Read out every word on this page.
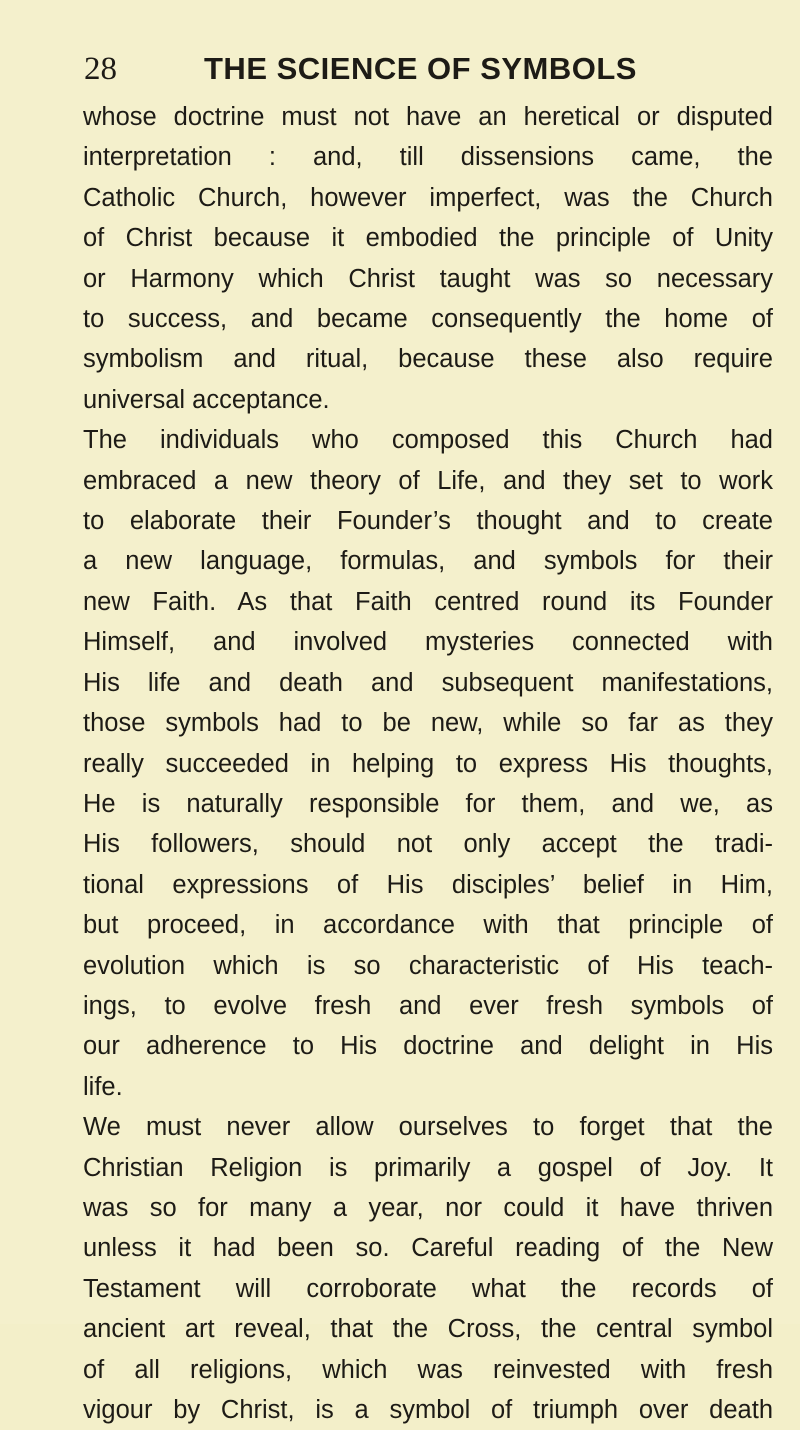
28	THE SCIENCE OF SYMBOLS
whose doctrine must not have an heretical or disputed
interpretation : and, till dissensions came, the
Catholic Church, however imperfect, was the Church
of Christ because it embodied the principle of Unity
or Harmony which Christ taught was so necessary
to success, and became consequently the home of
symbolism and ritual, because these also require
universal acceptance.
The individuals who composed this Church had
embraced a new theory of Life, and they set to work
to elaborate their Founder’s thought and to create
a new language, formulas, and symbols for their
new Faith. As that Faith centred round its Founder
Himself, and involved mysteries connected with
His life and death and subsequent manifestations,
those symbols had to be new, while so far as they
really succeeded in helping to express His thoughts,
He is naturally responsible for them, and we, as
His followers, should not only accept the tradi-
tional expressions of His disciples’ belief in Him,
but proceed, in accordance with that principle of
evolution which is so characteristic of His teach-
ings, to evolve fresh and ever fresh symbols of
our adherence to His doctrine and delight in His
life.
We must never allow ourselves to forget that the
Christian Religion is primarily a gospel of Joy. It
was so for many a year, nor could it have thriven
unless it had been so. Careful reading of the New
Testament will corroborate what the records of
ancient art reveal, that the Cross, the central symbol
of all religions, which was reinvested with fresh
vigour by Christ, is a symbol of triumph over death
